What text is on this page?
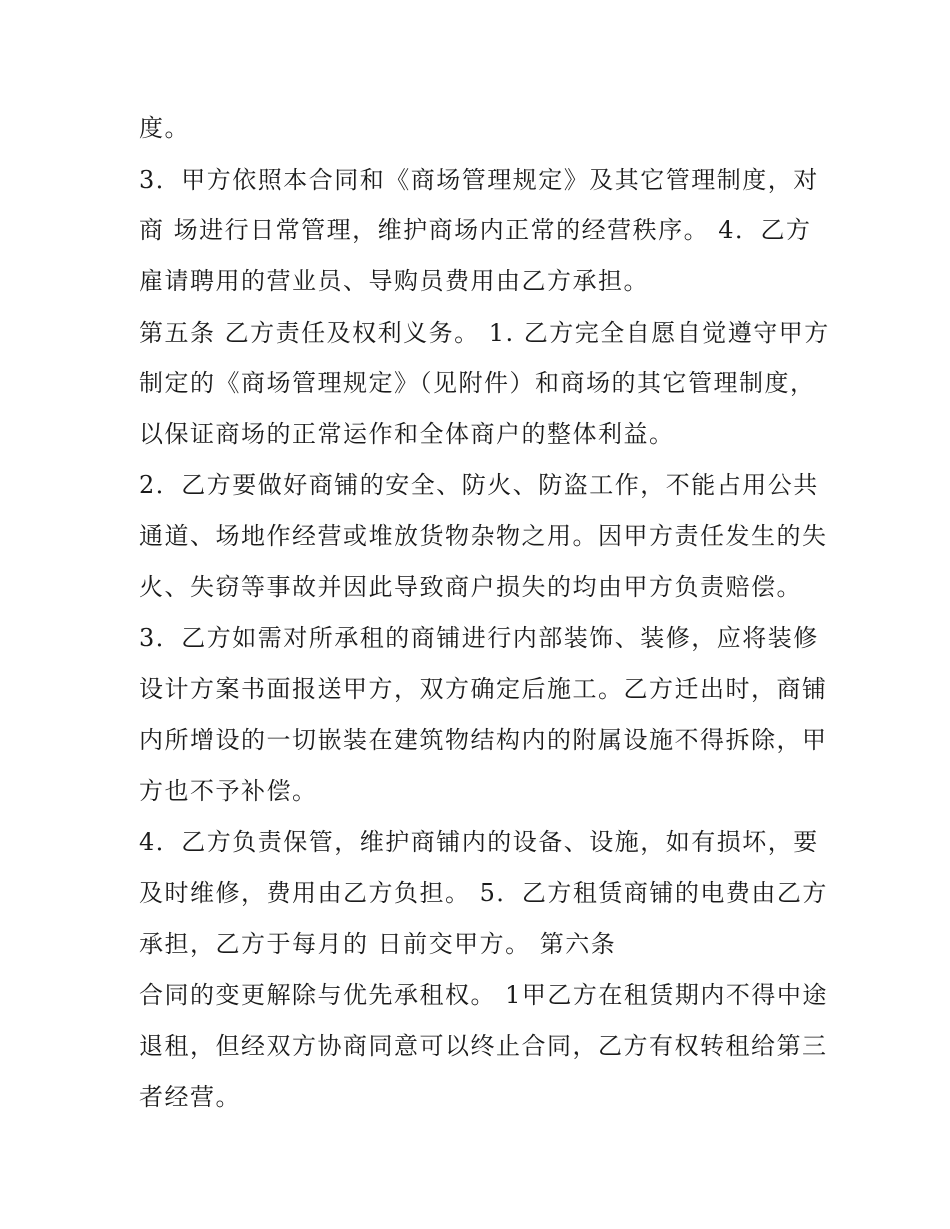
度。
3．甲方依照本合同和《商场管理规定》及其它管理制度，对
商 场进行日常管理，维护商场内正常的经营秩序。 4．乙方
雇请聘用的营业员、导购员费用由乙方承担。
第五条 乙方责任及权利义务。 1. 乙方完全自愿自觉遵守甲方
制定的《商场管理规定》（见附件）和商场的其它管理制度，
以保证商场的正常运作和全体商户的整体利益。
2．乙方要做好商铺的安全、防火、防盗工作，不能占用公共
通道、场地作经营或堆放货物杂物之用。因甲方责任发生的失
火、失窃等事故并因此导致商户损失的均由甲方负责赔偿。
3．乙方如需对所承租的商铺进行内部装饰、装修，应将装修
设计方案书面报送甲方，双方确定后施工。乙方迁出时，商铺
内所增设的一切嵌装在建筑物结构内的附属设施不得拆除，甲
方也不予补偿。
4．乙方负责保管，维护商铺内的设备、设施，如有损坏，要
及时维修，费用由乙方负担。 5．乙方租赁商铺的电费由乙方
承担，乙方于每月的 日前交甲方。 第六条
合同的变更解除与优先承租权。 1甲乙方在租赁期内不得中途
退租，但经双方协商同意可以终止合同，乙方有权转租给第三
者经营。
